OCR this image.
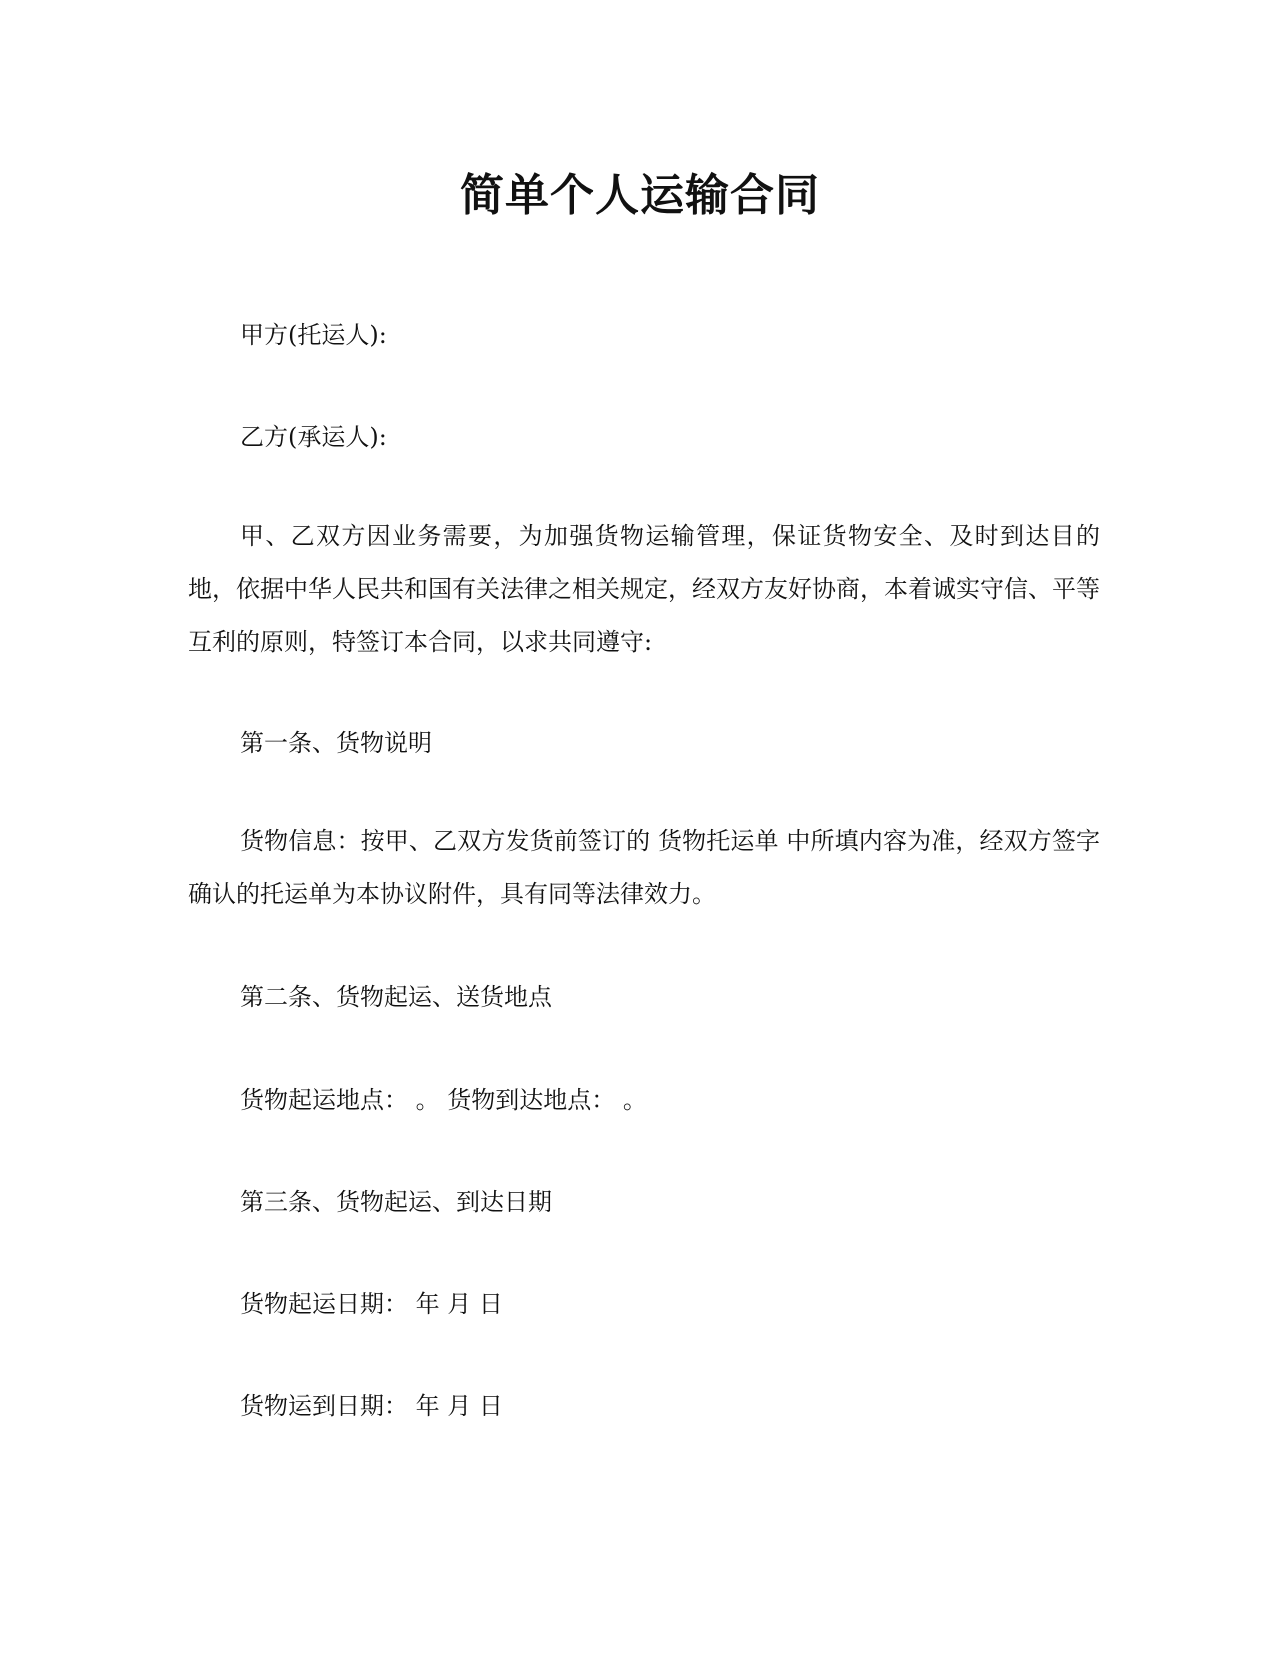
简单个人运输合同
甲方(托运人):
乙方(承运人):
甲、乙双方因业务需要，为加强货物运输管理，保证货物安全、及时到达目的地，依据中华人民共和国有关法律之相关规定，经双方友好协商，本着诚实守信、平等互利的原则，特签订本合同，以求共同遵守:
第一条、货物说明
货物信息：按甲、乙双方发货前签订的 货物托运单 中所填内容为准，经双方签字确认的托运单为本协议附件，具有同等法律效力。
第二条、货物起运、送货地点
货物起运地点： 。 货物到达地点： 。
第三条、货物起运、到达日期
货物起运日期： 年 月 日
货物运到日期： 年 月 日
